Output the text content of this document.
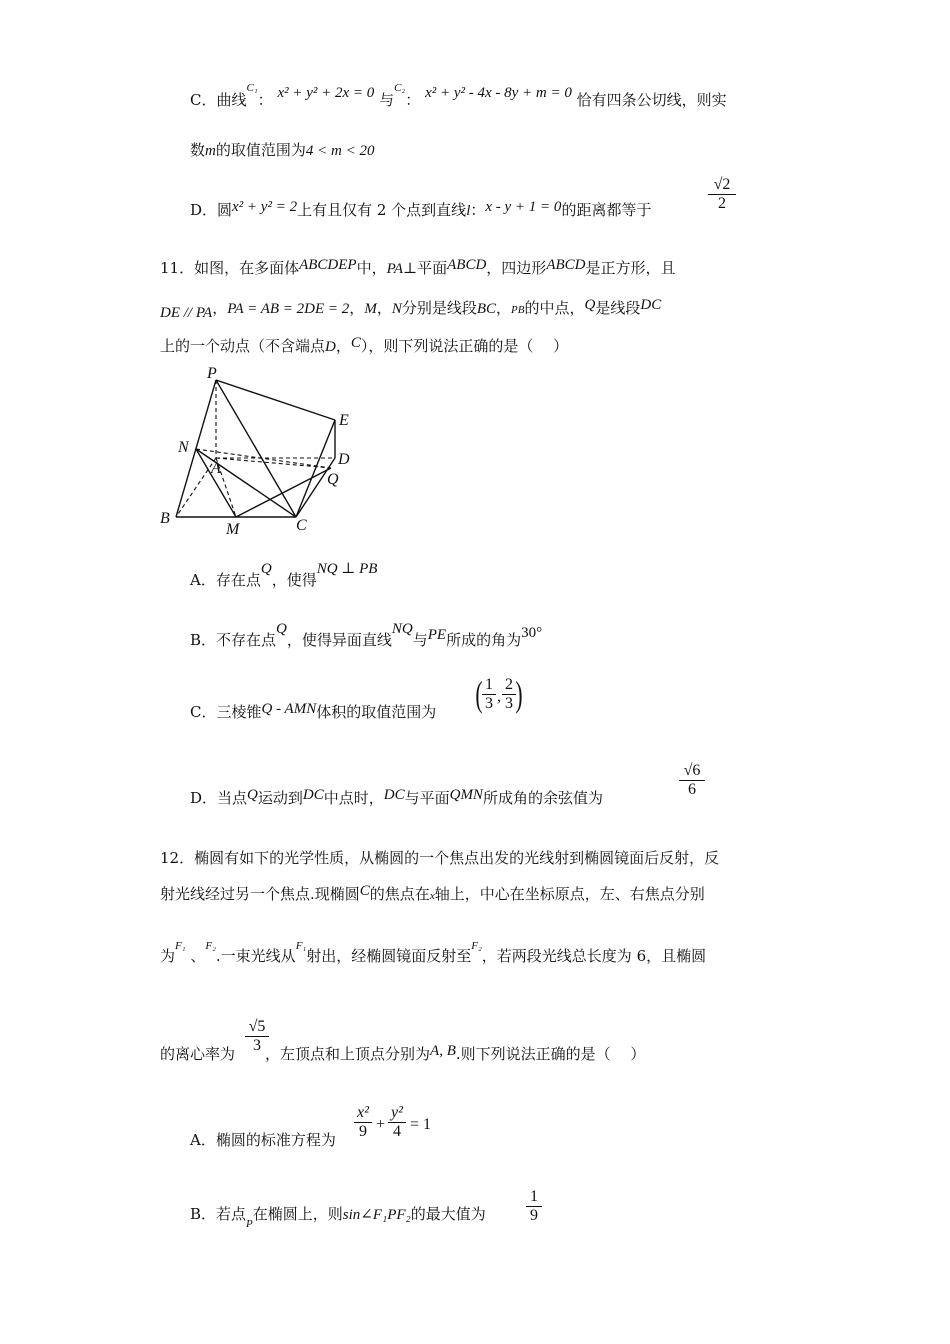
C．曲线$^{C_1}$： x² + y² + 2x = 0 与$^{C_2}$： x² + y² - 4x - 8y + m = 0 恰有四条公切线，则实
数m的取值范围为4 < m < 20
D．圆x² + y² = 2上有且仅有 2 个点到直线l：x - y + 1 = 0的距离都等于	$\frac{√2}{2}$
11．如图，在多面体ABCDEP中，PA⊥平面ABCD，四边形ABCD是正方形，且
DE // PA，PA = AB = 2DE = 2，M，N分别是线段BC，PB的中点，Q是线段DC
上的一个动点（不含端点D，C），则下列说法正确的是（　 ）
P
E
N
A
D
Q
B
M	C
A．存在点Q，使得NQ ⊥ PB
B．不存在点Q，使得异面直线NQ与PE所成的角为30°
C．三棱锥Q - AMN体积的取值范围为 ( $\frac{1}{3}$ , $\frac{2}{3}$ )
D．当点Q运动到DC中点时，DC与平面QMN所成角的余弦值为	$\frac{√6}{6}$
12．椭圆有如下的光学性质，从椭圆的一个焦点出发的光线射到椭圆镜面后反射，反
射光线经过另一个焦点.现椭圆C的焦点在x轴上，中心在坐标原点，左、右焦点分别
为$^{F_1}$ 、$^{F_2}$.一束光线从$^{F_1}$射出，经椭圆镜面反射至$^{F_2}$，若两段光线总长度为 6，且椭圆
的离心率为 ，左顶点和上顶点分别为A, B.则下列说法正确的是（　 ）
$\frac{√5}{3}$
A．椭圆的标准方程为 $\frac{\text{x²}}{9} + \frac{\text{y²}}{4} = 1$
B．若点$_P$在椭圆上，则sin∠F₁PF₂的最大值为	$\frac{1}{9}$
